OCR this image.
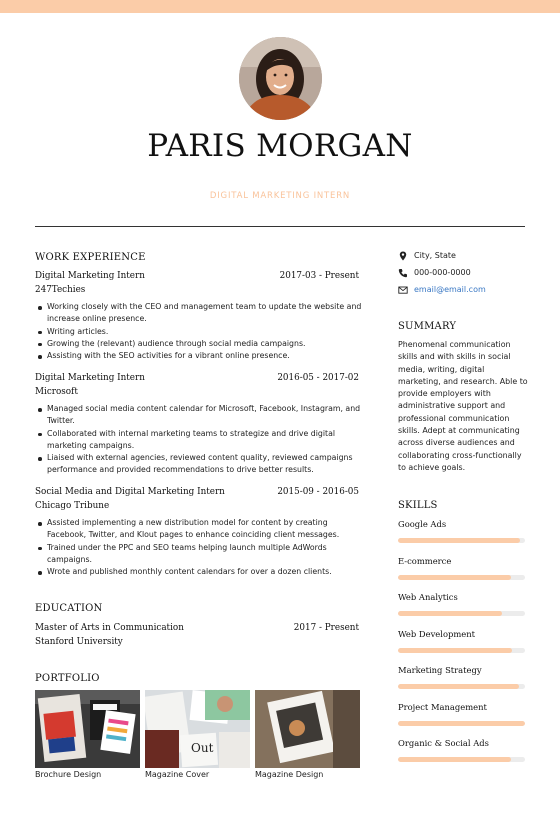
PARIS MORGAN
DIGITAL MARKETING INTERN
WORK EXPERIENCE
Digital Marketing Intern	2017-03 - Present
247Techies
Working closely with the CEO and management team to update the website and increase online presence.
Writing articles.
Growing the (relevant) audience through social media campaigns.
Assisting with the SEO activities for a vibrant online presence.
Digital Marketing Intern	2016-05 - 2017-02
Microsoft
Managed social media content calendar for Microsoft, Facebook, Instagram, and Twitter.
Collaborated with internal marketing teams to strategize and drive digital marketing campaigns.
Liaised with external agencies, reviewed content quality, reviewed campaigns performance and provided recommendations to drive better results.
Social Media and Digital Marketing Intern	2015-09 - 2016-05
Chicago Tribune
Assisted implementing a new distribution model for content by creating Facebook, Twitter, and Klout pages to enhance coinciding client messages.
Trained under the PPC and SEO teams helping launch multiple AdWords campaigns.
Wrote and published monthly content calendars for over a dozen clients.
EDUCATION
Master of Arts in Communication	2017 - Present
Stanford University
PORTFOLIO
Brochure Design
Out
Magazine Cover	Magazine Design
City, State
000-000-0000
email@email.com
SUMMARY
Phenomenal communication skills and with skills in social media, writing, digital marketing, and research. Able to provide employers with administrative support and professional communication skills. Adept at communicating across diverse audiences and collaborating cross-functionally to achieve goals.
SKILLS
Google Ads
E-commerce
Web Analytics
Web Development
Marketing Strategy
Project Management
Organic & Social Ads
